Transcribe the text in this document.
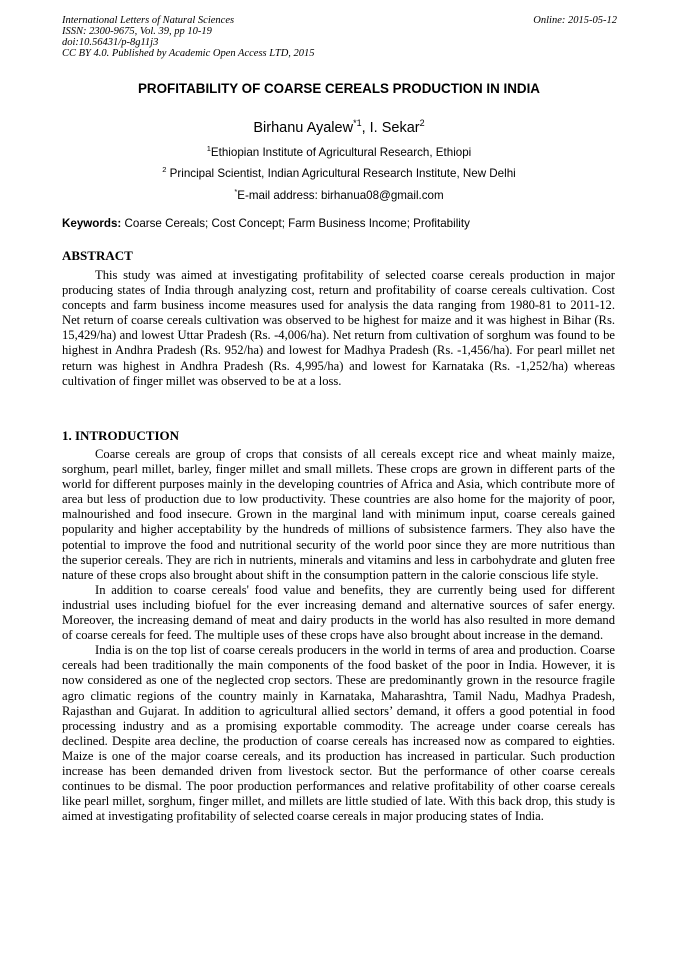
International Letters of Natural Sciences	Online: 2015-05-12
ISSN: 2300-9675, Vol. 39, pp 10-19
doi:10.56431/p-8g11j3
CC BY 4.0. Published by Academic Open Access LTD, 2015
PROFITABILITY OF COARSE CEREALS PRODUCTION IN INDIA
Birhanu Ayalew$^{*1}$, I. Sekar$^2$
$^1$Ethiopian Institute of Agricultural Research, Ethiopi
$^2$ Principal Scientist, Indian Agricultural Research Institute, New Delhi
*E-mail address: birhanua08@gmail.com
Keywords: Coarse Cereals; Cost Concept; Farm Business Income; Profitability
ABSTRACT

This study was aimed at investigating profitability of selected coarse cereals production in major producing states of India through analyzing cost, return and profitability of coarse cereals cultivation. Cost concepts and farm business income measures used for analysis the data ranging from 1980-81 to 2011-12. Net return of coarse cereals cultivation was observed to be highest for maize and it was highest in Bihar (Rs. 15,429/ha) and lowest Uttar Pradesh (Rs. -4,006/ha). Net return from cultivation of sorghum was found to be highest in Andhra Pradesh (Rs. 952/ha) and lowest for Madhya Pradesh (Rs. -1,456/ha). For pearl millet net return was highest in Andhra Pradesh (Rs. 4,995/ha) and lowest for Karnataka (Rs. -1,252/ha) whereas cultivation of finger millet was observed to be at a loss.

1. INTRODUCTION

Coarse cereals are group of crops that consists of all cereals except rice and wheat mainly maize, sorghum, pearl millet, barley, finger millet and small millets. These crops are grown in different parts of the world for different purposes mainly in the developing countries of Africa and Asia, which contribute more of area but less of production due to low productivity. These countries are also home for the majority of poor, malnourished and food insecure. Grown in the marginal land with minimum input, coarse cereals gained popularity and higher acceptability by the hundreds of millions of subsistence farmers. They also have the potential to improve the food and nutritional security of the world poor since they are more nutritious than the superior cereals. They are rich in nutrients, minerals and vitamins and less in carbohydrate and gluten free nature of these crops also brought about shift in the consumption pattern in the calorie conscious life style.

In addition to coarse cereals' food value and benefits, they are currently being used for different industrial uses including biofuel for the ever increasing demand and alternative sources of safer energy. Moreover, the increasing demand of meat and dairy products in the world has also resulted in more demand of coarse cereals for feed. The multiple uses of these crops have also brought about increase in the demand.

India is on the top list of coarse cereals producers in the world in terms of area and production. Coarse cereals had been traditionally the main components of the food basket of the poor in India. However, it is now considered as one of the neglected crop sectors. These are predominantly grown in the resource fragile agro climatic regions of the country mainly in Karnataka, Maharashtra, Tamil Nadu, Madhya Pradesh, Rajasthan and Gujarat. In addition to agricultural allied sectors’ demand, it offers a good potential in food processing industry and as a promising exportable commodity. The acreage under coarse cereals has declined. Despite area decline, the production of coarse cereals has increased now as compared to eighties. Maize is one of the major coarse cereals, and its production has increased in particular. Such production increase has been demanded driven from livestock sector. But the performance of other coarse cereals continues to be dismal. The poor production performances and relative profitability of other coarse cereals like pearl millet, sorghum, finger millet, and millets are little studied of late. With this back drop, this study is aimed at investigating profitability of selected coarse cereals in major producing states of India.
